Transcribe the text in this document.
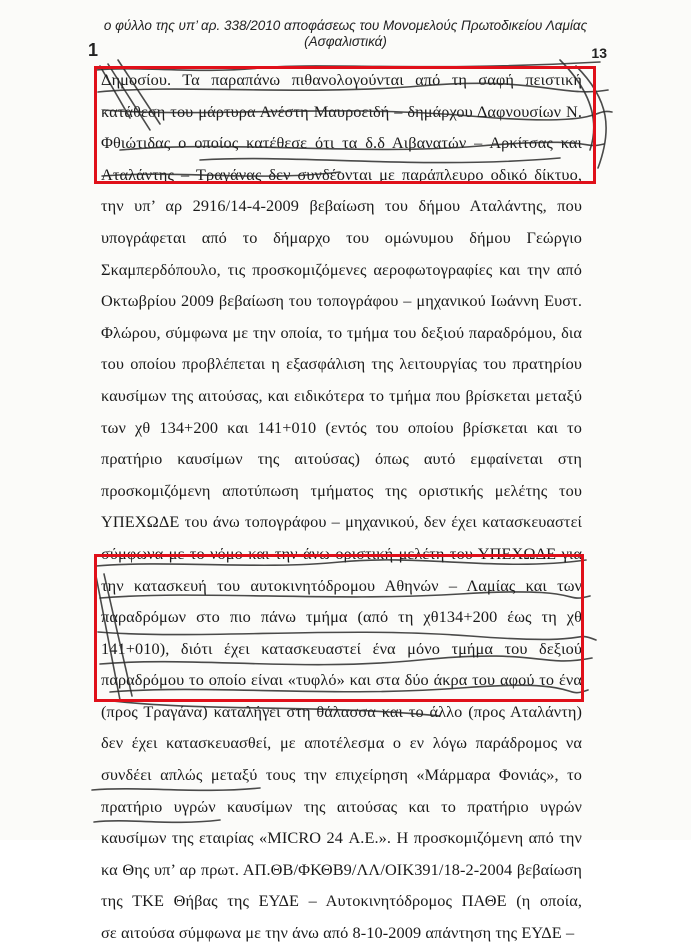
1
ο φύλλο της υπ’ αρ. 338/2010 αποφάσεως του Μονομελούς Πρωτοδικείου Λαμίας
13
(Ασφαλιστικά)
Δημοσίου. Τα παραπάνω πιθανολογούνται από τη σαφή πειστική
κατάθεση του μάρτυρα Ανέστη Μαυροειδή – δημάρχου Δαφνουσίων Ν.
Φθιώτιδας ο οποίος κατέθεσε ότι τα δ.δ Αιβανατών – Αρκίτσας και
Αταλάντης – Τραγάνας δεν συνδέονται με παράπλευρο οδικό δίκτυο,
την υπ’ αρ 2916/14-4-2009 βεβαίωση του δήμου Αταλάντης, που
υπογράφεται από το δήμαρχο του ομώνυμου δήμου Γεώργιο
Σκαμπερδόπουλο, τις προσκομιζόμενες αεροφωτογραφίες και την από
Οκτωβρίου 2009 βεβαίωση του τοπογράφου – μηχανικού Ιωάννη Ευστ.
Φλώρου, σύμφωνα με την οποία, το τμήμα του δεξιού παραδρόμου, δια
του οποίου προβλέπεται η εξασφάλιση της λειτουργίας του πρατηρίου
καυσίμων της αιτούσας, και ειδικότερα το τμήμα που βρίσκεται μεταξύ
των χθ 134+200 και 141+010 (εντός του οποίου βρίσκεται και το
πρατήριο καυσίμων της αιτούσας) όπως αυτό εμφαίνεται στη
προσκομιζόμενη αποτύπωση τμήματος της οριστικής μελέτης του
ΥΠΕΧΩΔΕ του άνω τοπογράφου – μηχανικού, δεν έχει κατασκευαστεί
σύμφωνα με το νόμο και την άνω οριστική μελέτη του ΥΠΕΧΩΔΕ για
την κατασκευή του αυτοκινητόδρομου Αθηνών – Λαμίας και των
παραδρόμων στο πιο πάνω τμήμα (από τη χθ134+200 έως τη χθ
141+010), διότι έχει κατασκευαστεί ένα μόνο τμήμα του δεξιού
παραδρόμου το οποίο είναι «τυφλό» και στα δύο άκρα του αφού το ένα
(προς Τραγάνα) καταλήγει στη θάλασσα και το άλλο (προς Αταλάντη)
δεν έχει κατασκευασθεί, με αποτέλεσμα ο εν λόγω παράδρομος να
συνδέει απλώς μεταξύ τους την επιχείρηση «Μάρμαρα Φονιάς», το
πρατήριο υγρών καυσίμων της αιτούσας και το πρατήριο υγρών
καυσίμων της εταιρίας «MICRO 24 Α.Ε.». Η προσκομιζόμενη από την
κα Θης υπ’ αρ πρωτ. ΑΠ.ΘΒ/ΦΚΘΒ9/ΛΛ/ΟΙΚ391/18-2-2004 βεβαίωση
της ΤΚΕ Θήβας της ΕΥΔΕ – Αυτοκινητόδρομος ΠΑΘΕ (η οποία,
σε αιτούσα σύμφωνα με την άνω από 8-10-2009 απάντηση της ΕΥΔΕ –
